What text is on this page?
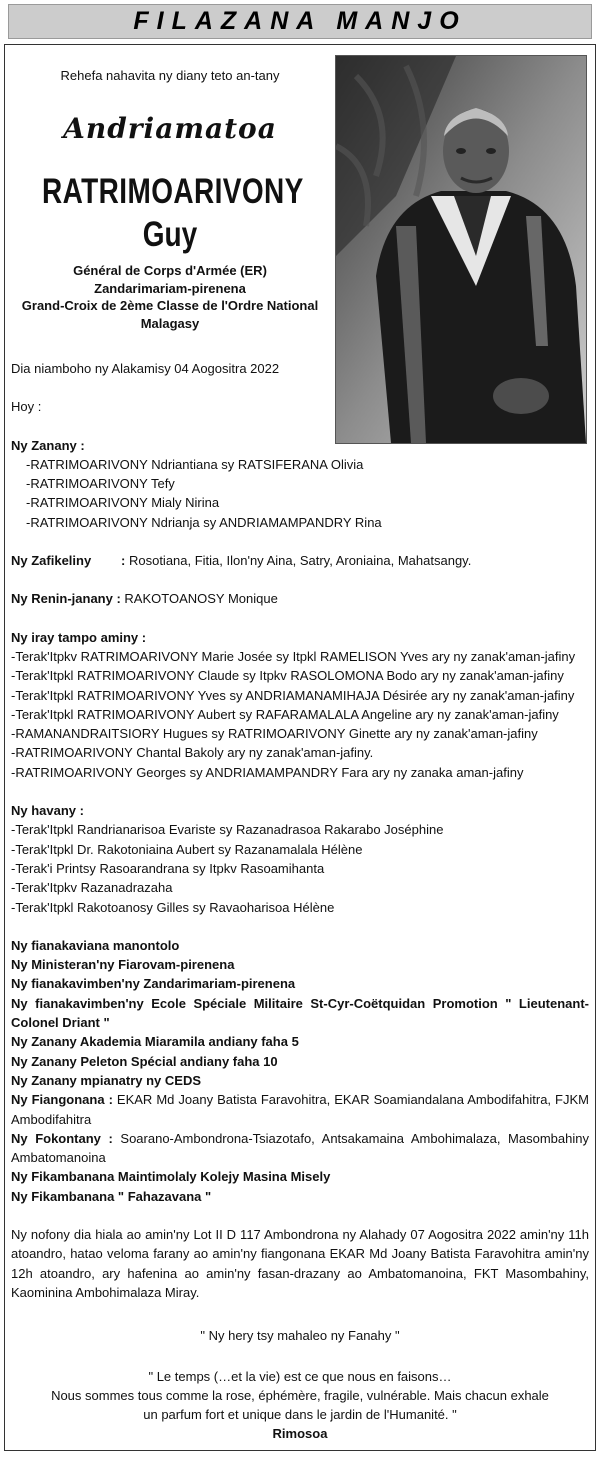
FILAZANA MANJO
Rehefa nahavita ny diany teto an-tany
Andriamatoa
RATRIMOARIVONY
Guy
Général de Corps d'Armée (ER)
Zandarimariam-pirenena
Grand-Croix de 2ème Classe de l'Ordre National
Malagasy

Dia niamboho ny Alakamisy 04 Aogositra 2022

Hoy :

Ny Zanany :

-RATRIMOARIVONY Ndriantiana sy RATSIFERANA Olivia

-RATRIMOARIVONY Tefy

-RATRIMOARIVONY Mialy Nirina

-RATRIMOARIVONY Ndrianja sy ANDRIAMAMPANDRY Rina

Ny Zafikeliny : Rosotiana, Fitia, Ilon'ny Aina, Satry, Aroniaina, Mahatsangy.

Ny Renin-janany : RAKOTOANOSY Monique

Ny iray tampo aminy :

-Terak'Itpkv RATRIMOARIVONY Marie Josée sy Itpkl RAMELISON Yves ary ny zanak'aman-jafiny

-Terak'Itpkl RATRIMOARIVONY Claude sy Itpkv RASOLOMONA Bodo ary ny zanak'aman-jafiny

-Terak'Itpkl RATRIMOARIVONY Yves sy ANDRIAMANAMIHAJA Désirée ary ny zanak'aman-jafiny

-Terak'Itpkl RATRIMOARIVONY Aubert sy RAFARAMALALA Angeline ary ny zanak'aman-jafiny

-RAMANANDRAITSIORY Hugues sy RATRIMOARIVONY Ginette ary ny zanak'aman-jafiny

-RATRIMOARIVONY Chantal Bakoly ary ny zanak'aman-jafiny.

-RATRIMOARIVONY Georges sy ANDRIAMAMPANDRY Fara ary ny zanaka aman-jafiny

Ny havany :

-Terak'Itpkl Randrianarisoa Evariste sy Razanadrasoa Rakarabo Joséphine

-Terak'Itpkl Dr. Rakotoniaina Aubert sy Razanamalala Hélène

-Terak'i Printsy Rasoarandrana sy Itpkv Rasoamihanta

-Terak'Itpkv Razanadrazaha

-Terak'Itpkl Rakotoanosy Gilles sy Ravaoharisoa Hélène

Ny fianakaviana manontolo

Ny Ministeran'ny Fiarovam-pirenena

Ny fianakavimben'ny Zandarimariam-pirenena

Ny fianakavimben'ny Ecole Spéciale Militaire St-Cyr-Coëtquidan Promotion " Lieutenant-Colonel Driant "

Ny Zanany Akademia Miaramila andiany faha 5

Ny Zanany Peleton Spécial andiany faha 10

Ny Zanany mpianatry ny CEDS

Ny Fiangonana : EKAR Md Joany Batista Faravohitra, EKAR Soamiandalana Ambodifahitra, FJKM Ambodifahitra

Ny Fokontany : Soarano-Ambondrona-Tsiazotafo, Antsakamaina Ambohimalaza, Masombahiny Ambatomanoina

Ny Fikambanana Maintimolaly Kolejy Masina Misely

Ny Fikambanana " Fahazavana "

Ny nofony dia hiala ao amin'ny Lot II D 117 Ambondrona ny Alahady 07 Aogositra 2022 amin'ny 11h atoandro, hatao veloma farany ao amin'ny fiangonana EKAR Md Joany Batista Faravohitra amin'ny 12h atoandro, ary hafenina ao amin'ny fasan-drazany ao Ambatomanoina, FKT Masombahiny, Kaominina Ambohimalaza Miray.

" Ny hery tsy mahaleo ny Fanahy "
" Le temps (…et la vie) est ce que nous en faisons…
Nous sommes tous comme la rose, éphémère, fragile, vulnérable. Mais chacun exhale
un parfum fort et unique dans le jardin de l'Humanité. "
Rimosoa
